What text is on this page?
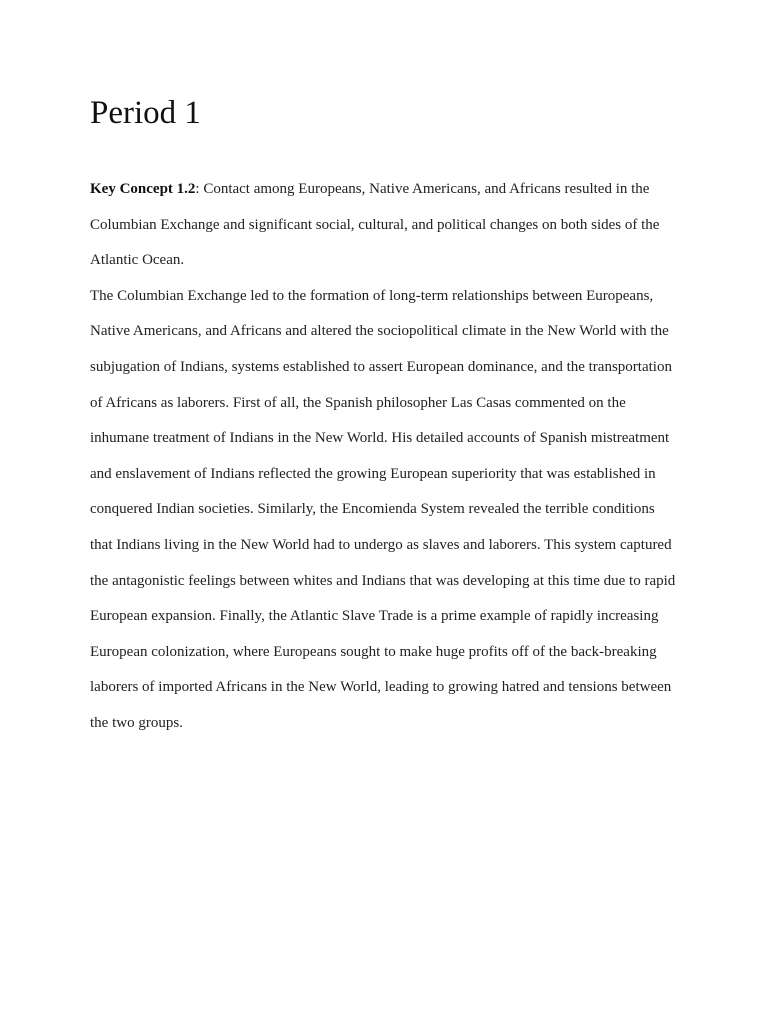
Period 1

Key Concept 1.2: Contact among Europeans, Native Americans, and Africans resulted in the Columbian Exchange and significant social, cultural, and political changes on both sides of the Atlantic Ocean.

The Columbian Exchange led to the formation of long-term relationships between Europeans, Native Americans, and Africans and altered the sociopolitical climate in the New World with the subjugation of Indians, systems established to assert European dominance, and the transportation of Africans as laborers. First of all, the Spanish philosopher Las Casas commented on the inhumane treatment of Indians in the New World. His detailed accounts of Spanish mistreatment and enslavement of Indians reflected the growing European superiority that was established in conquered Indian societies. Similarly, the Encomienda System revealed the terrible conditions that Indians living in the New World had to undergo as slaves and laborers. This system captured the antagonistic feelings between whites and Indians that was developing at this time due to rapid European expansion. Finally, the Atlantic Slave Trade is a prime example of rapidly increasing European colonization, where Europeans sought to make huge profits off of the back-breaking laborers of imported Africans in the New World, leading to growing hatred and tensions between the two groups.
